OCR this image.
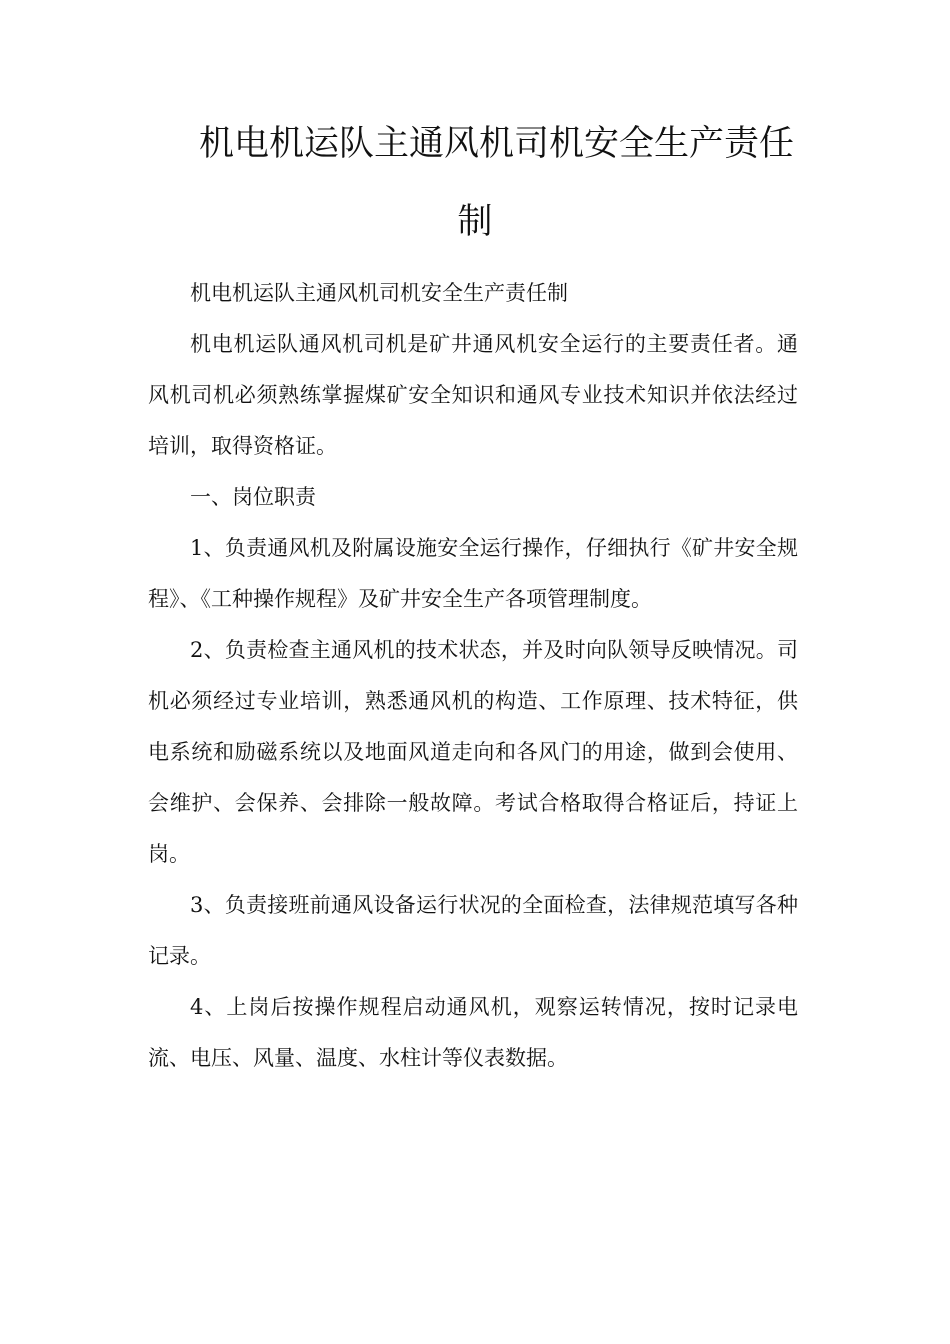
机电机运队主通风机司机安全生产责任
制

机电机运队主通风机司机安全生产责任制

机电机运队通风机司机是矿井通风机安全运行的主要责任者。通风机司机必须熟练掌握煤矿安全知识和通风专业技术知识并依法经过培训，取得资格证。

一、岗位职责

1、负责通风机及附属设施安全运行操作，仔细执行《矿井安全规程》、《工种操作规程》及矿井安全生产各项管理制度。

2、负责检查主通风机的技术状态，并及时向队领导反映情况。司机必须经过专业培训，熟悉通风机的构造、工作原理、技术特征，供电系统和励磁系统以及地面风道走向和各风门的用途，做到会使用、会维护、会保养、会排除一般故障。考试合格取得合格证后，持证上岗。

3、负责接班前通风设备运行状况的全面检查，法律规范填写各种记录。

4、上岗后按操作规程启动通风机，观察运转情况，按时记录电流、电压、风量、温度、水柱计等仪表数据。
